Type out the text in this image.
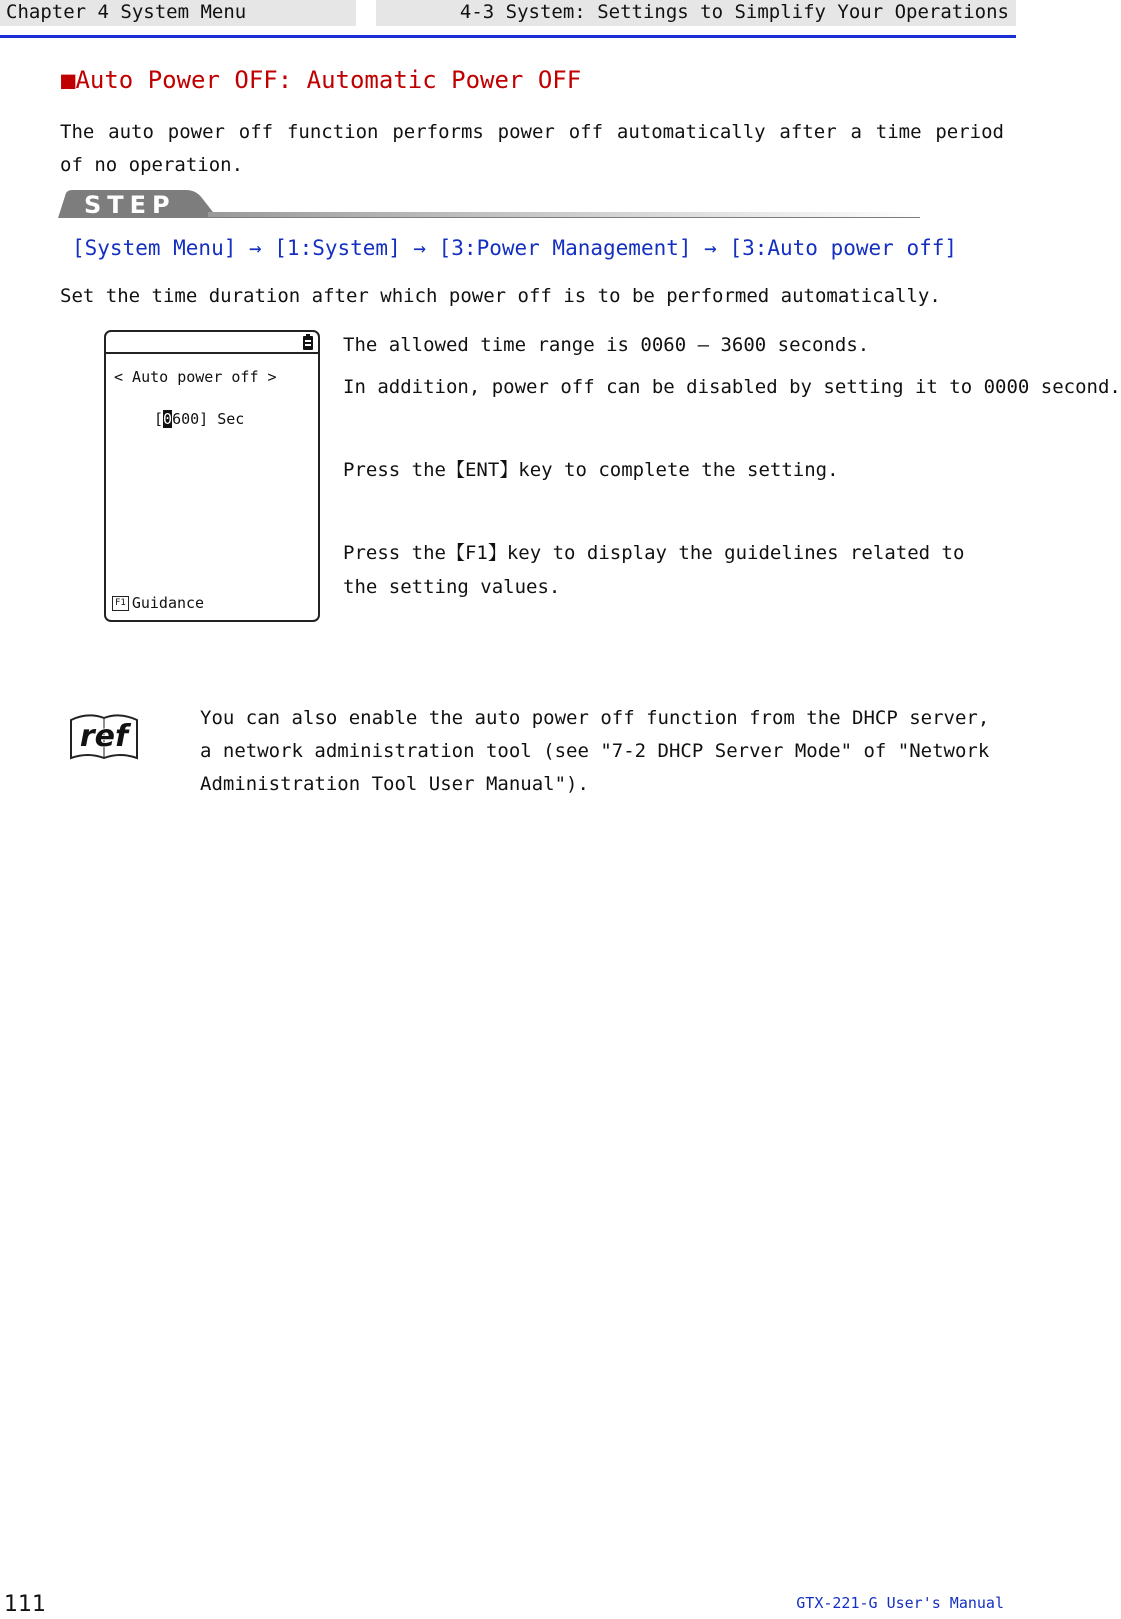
Chapter 4 System Menu	4-3 System: Settings to Simplify Your Operations
■Auto Power OFF: Automatic Power OFF
The auto power off function performs power off automatically after a time period of no operation.
STEP
[System Menu] → [1:System] → [3:Power Management] → [3:Auto power off]
Set the time duration after which power off is to be performed automatically.
< Auto power off >
[0600] Sec
F1 Guidance
The allowed time range is 0060 – 3600 seconds.
In addition, power off can be disabled by setting it to 0000 second.
Press the【ENT】key to complete the setting.
Press the【F1】key to display the guidelines related to the setting values.
ref
You can also enable the auto power off function from the DHCP server, a network administration tool (see "7-2 DHCP Server Mode" of "Network Administration Tool User Manual").
111	GTX-221-G User's Manual
